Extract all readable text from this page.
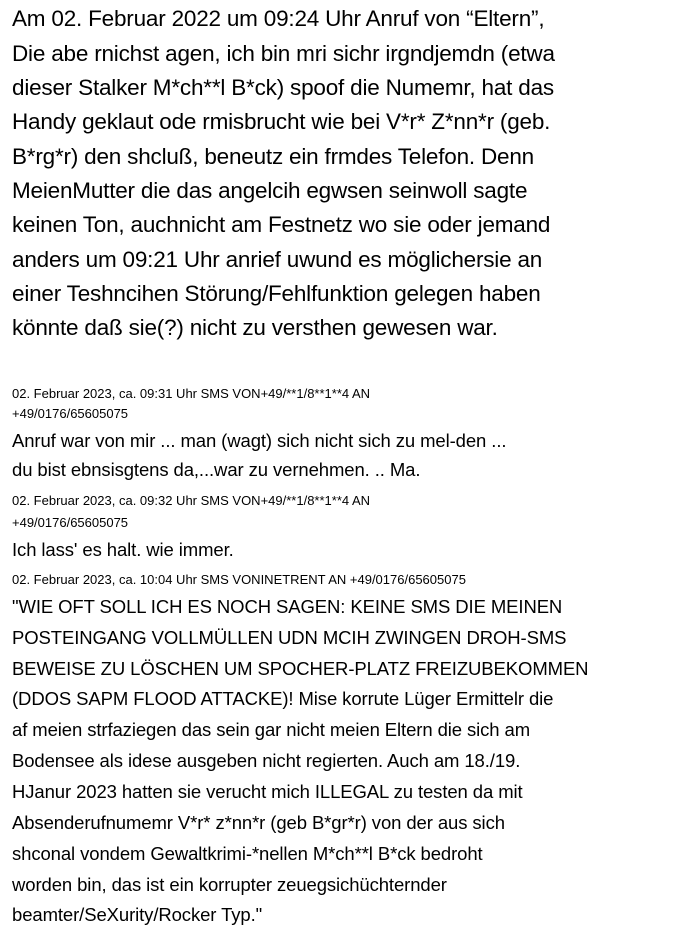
Am 02. Februar 2022 um 09:24 Uhr Anruf von “Eltern”,
Die abe rnichst agen, ich bin mri sichr irgndjemdn (etwa
dieser Stalker M*ch**l B*ck) spoof die Numemr, hat das
Handy geklaut ode rmisbrucht wie bei V*r* Z*nn*r (geb.
B*rg*r) den shcluß, beneutz ein frmdes Telefon. Denn
MeienMutter die das angelcih egwsen seinwoll sagte
keinen Ton, auchnicht am Festnetz wo sie oder jemand
anders um 09:21 Uhr anrief uwund es möglichersie an
einer Teshncihen Störung/Fehlfunktion gelegen haben
könnte daß sie(?) nicht zu versthen gewesen war.
02. Februar 2023, ca. 09:31 Uhr SMS VON+49/**1/8**1**4 AN
+49/0176/65605075
Anruf war von mir ... man (wagt) sich nicht sich zu mel-den ...
du bist ebnsisgtens da,...war zu vernehmen. .. Ma.
02. Februar 2023, ca. 09:32 Uhr SMS VON+49/**1/8**1**4 AN
+49/0176/65605075
Ich lass' es halt. wie immer.
02. Februar 2023, ca. 10:04 Uhr SMS VONINETRENT AN +49/0176/65605075
"WIE OFT SOLL ICH ES NOCH SAGEN: KEINE SMS DIE MEINEN
POSTEINGANG VOLLMÜLLEN UDN MCIH ZWINGEN DROH-SMS
BEWEISE ZU LÖSCHEN UM SPOCHER-PLATZ FREIZUBEKOMMEN
(DDOS SAPM FLOOD ATTACKE)! Mise korrute Lüger Ermittelr die
af meien strfaziegen das sein gar nicht meien Eltern die sich am
Bodensee als idese ausgeben nicht regierten. Auch am 18./19.
HJanur 2023 hatten sie verucht mich ILLEGAL zu testen da mit
Absenderufnumemr V*r* z*nn*r (geb B*gr*r) von der aus sich
shconal vondem Gewaltkrimi-*nellen M*ch**l B*ck bedroht
worden bin, das ist ein korrupter zeuegsichüchternder
beamter/SeXurity/Rocker Typ."
